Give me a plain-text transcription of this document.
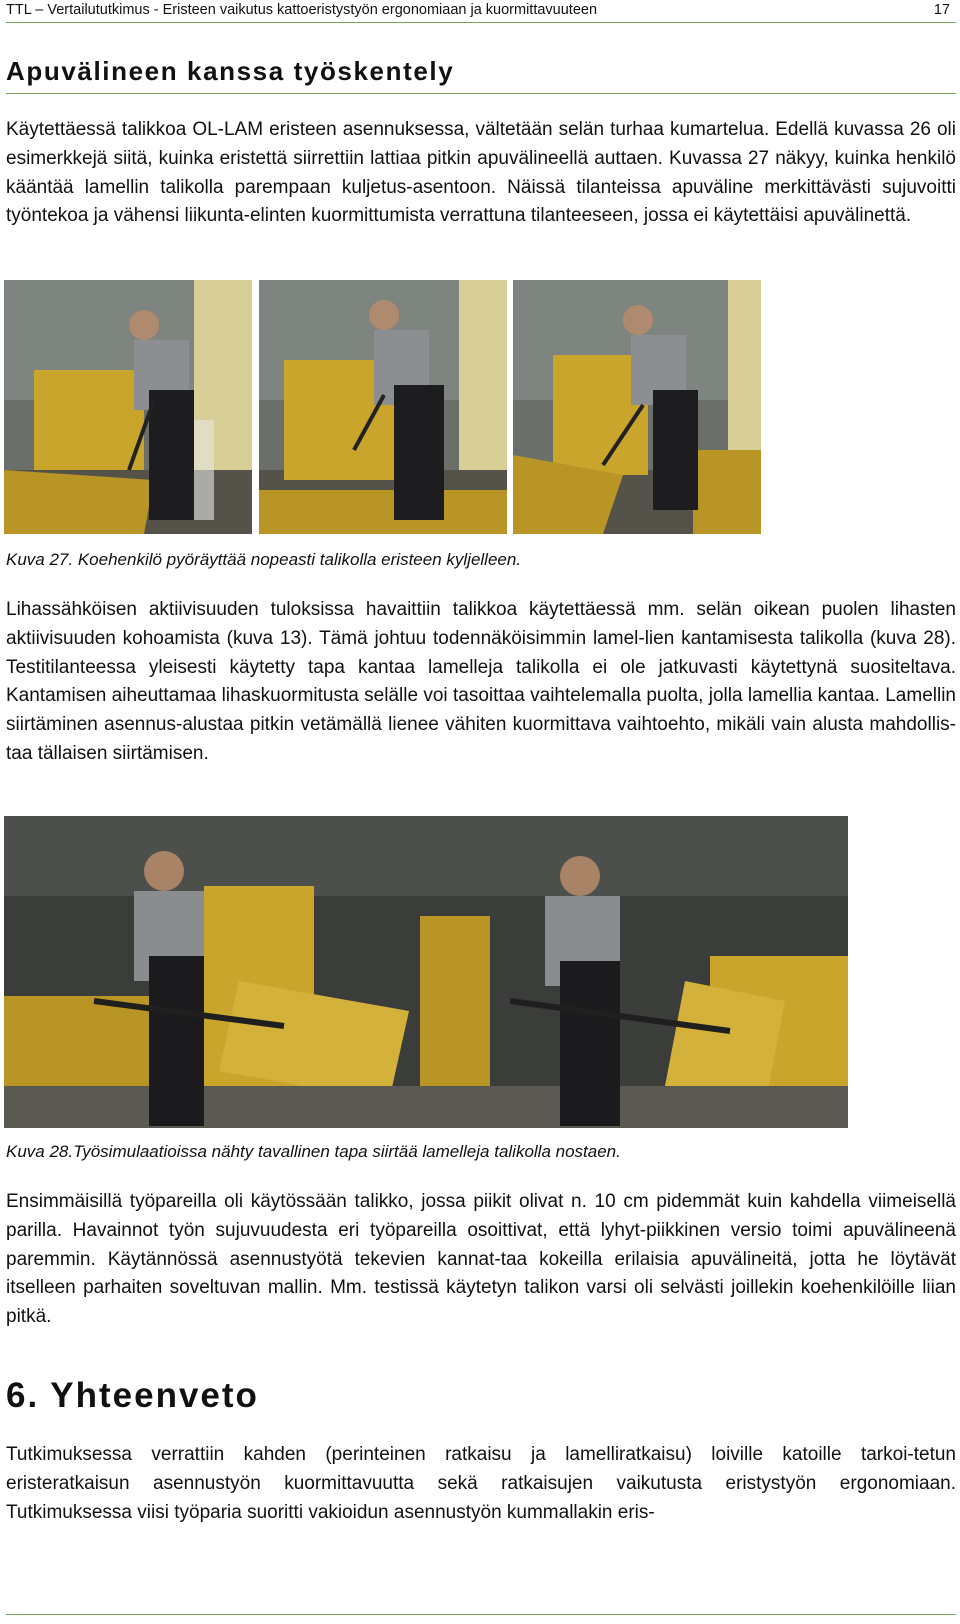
TTL – Vertailututkimus - Eristeen vaikutus kattoeristystyön ergonomiaan ja kuormittavuuteen	17
Apuvälineen kanssa työskentely

Käytettäessä talikkoa OL-LAM eristeen asennuksessa, vältetään selän turhaa kumartelua. Edellä kuvassa 26 oli esimerkkejä siitä, kuinka eristettä siirrettiin lattiaa pitkin apuvälineellä auttaen. Kuvassa 27 näkyy, kuinka henkilö kääntää lamellin talikolla parempaan kuljetus-asentoon. Näissä tilanteissa apuväline merkittävästi sujuvoitti työntekoa ja vähensi liikunta-elinten kuormittumista verrattuna tilanteeseen, jossa ei käytettäisi apuvälinettä.

Kuva 27. Koehenkilö pyöräyttää nopeasti talikolla eristeen kyljelleen.

Lihassähköisen aktiivisuuden tuloksissa havaittiin talikkoa käytettäessä mm. selän oikean puolen lihasten aktiivisuuden kohoamista (kuva 13). Tämä johtuu todennäköisimmin lamel-lien kantamisesta talikolla (kuva 28). Testitilanteessa yleisesti käytetty tapa kantaa lamelleja talikolla ei ole jatkuvasti käytettynä suositeltava. Kantamisen aiheuttamaa lihaskuormitusta selälle voi tasoittaa vaihtelemalla puolta, jolla lamellia kantaa. Lamellin siirtäminen asennus-alustaa pitkin vetämällä lienee vähiten kuormittava vaihtoehto, mikäli vain alusta mahdollis-taa tällaisen siirtämisen.

Kuva 28.Työsimulaatioissa nähty tavallinen tapa siirtää lamelleja talikolla nostaen.

Ensimmäisillä työpareilla oli käytössään talikko, jossa piikit olivat n. 10 cm pidemmät kuin kahdella viimeisellä parilla. Havainnot työn sujuvuudesta eri työpareilla osoittivat, että lyhyt-piikkinen versio toimi apuvälineenä paremmin. Käytännössä asennustyötä tekevien kannat-taa kokeilla erilaisia apuvälineitä, jotta he löytävät itselleen parhaiten soveltuvan mallin. Mm. testissä käytetyn talikon varsi oli selvästi joillekin koehenkilöille liian pitkä.

6. Yhteenveto

Tutkimuksessa verrattiin kahden (perinteinen ratkaisu ja lamelliratkaisu) loiville katoille tarkoi-tetun eristeratkaisun asennustyön kuormittavuutta sekä ratkaisujen vaikutusta eristystyön ergonomiaan. Tutkimuksessa viisi työparia suoritti vakioidun asennustyön kummallakin eris-
